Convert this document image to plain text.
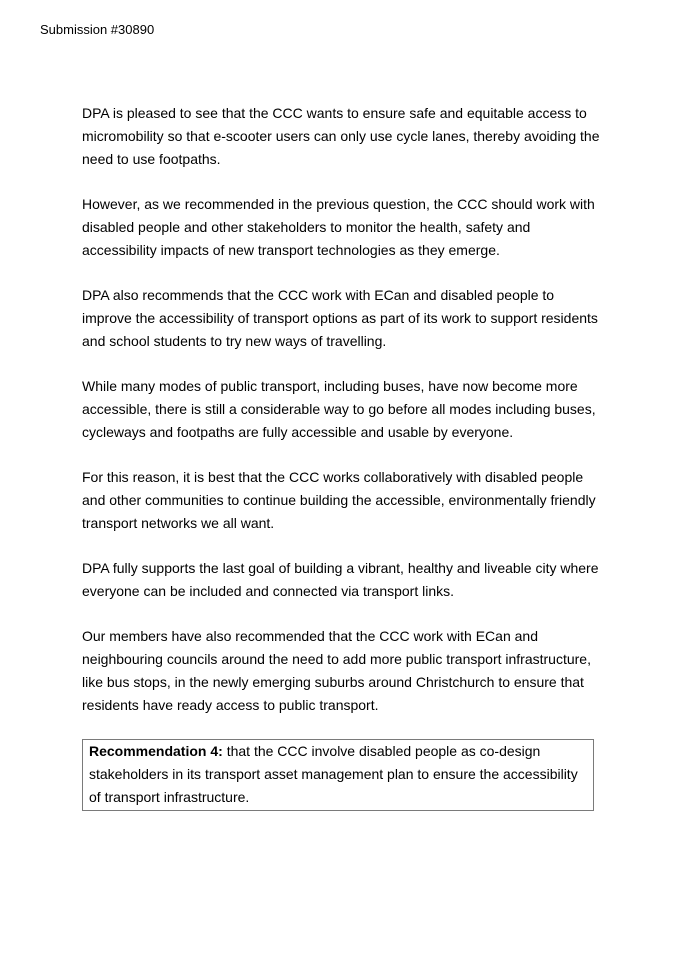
Submission #30890

DPA is pleased to see that the CCC wants to ensure safe and equitable access to micromobility so that e-scooter users can only use cycle lanes, thereby avoiding the need to use footpaths.

However, as we recommended in the previous question, the CCC should work with disabled people and other stakeholders to monitor the health, safety and accessibility impacts of new transport technologies as they emerge.

DPA also recommends that the CCC work with ECan and disabled people to improve the accessibility of transport options as part of its work to support residents and school students to try new ways of travelling.

While many modes of public transport, including buses, have now become more accessible, there is still a considerable way to go before all modes including buses, cycleways and footpaths are fully accessible and usable by everyone.

For this reason, it is best that the CCC works collaboratively with disabled people and other communities to continue building the accessible, environmentally friendly transport networks we all want.

DPA fully supports the last goal of building a vibrant, healthy and liveable city where everyone can be included and connected via transport links.

Our members have also recommended that the CCC work with ECan and neighbouring councils around the need to add more public transport infrastructure, like bus stops, in the newly emerging suburbs around Christchurch to ensure that residents have ready access to public transport.

Recommendation 4: that the CCC involve disabled people as co-design stakeholders in its transport asset management plan to ensure the accessibility of transport infrastructure.
